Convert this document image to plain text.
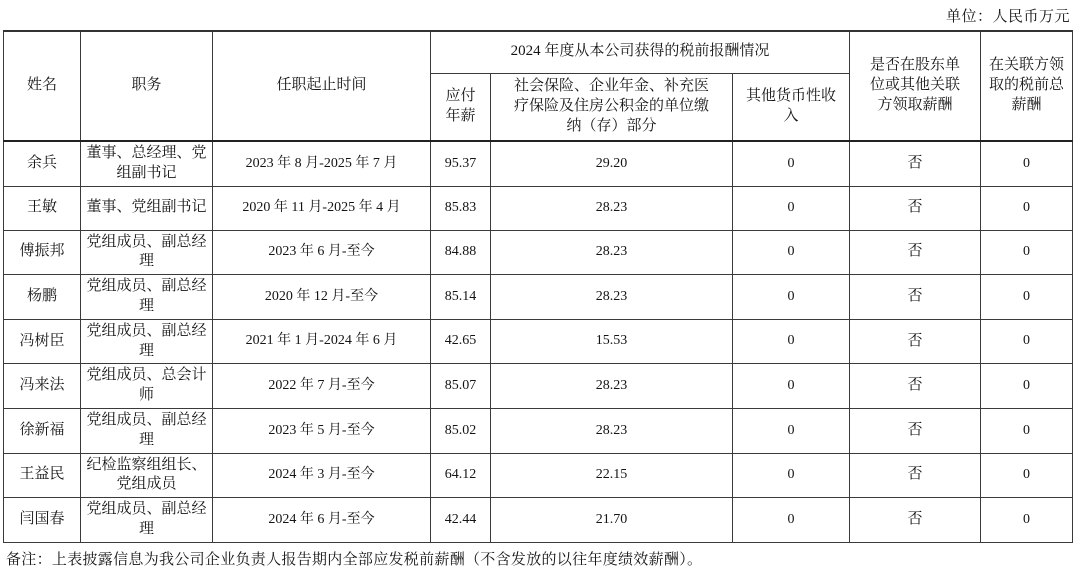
单位：人民币万元
姓名	职务	任职起止时间	2024 年度从本公司获得的税前报酬情况			是否在股东单位或其他关联方领取薪酬	在关联方领取的税前总薪酬
			应付年薪	社会保险、企业年金、补充医疗保险及住房公积金的单位缴纳（存）部分	其他货币性收入		
余兵	董事、总经理、党组副书记	2023 年 8 月-2025 年 7 月	95.37	29.20	0	否	0
王敏	董事、党组副书记	2020 年 11 月-2025 年 4 月	85.83	28.23	0	否	0
傅振邦	党组成员、副总经理	2023 年 6 月-至今	84.88	28.23	0	否	0
杨鹏	党组成员、副总经理	2020 年 12 月-至今	85.14	28.23	0	否	0
冯树臣	党组成员、副总经理	2021 年 1 月-2024 年 6 月	42.65	15.53	0	否	0
冯来法	党组成员、总会计师	2022 年 7 月-至今	85.07	28.23	0	否	0
徐新福	党组成员、副总经理	2023 年 5 月-至今	85.02	28.23	0	否	0
王益民	纪检监察组组长、党组成员	2024 年 3 月-至今	64.12	22.15	0	否	0
闫国春	党组成员、副总经理	2024 年 6 月-至今	42.44	21.70	0	否	0
备注：上表披露信息为我公司企业负责人报告期内全部应发税前薪酬（不含发放的以往年度绩效薪酬）。
